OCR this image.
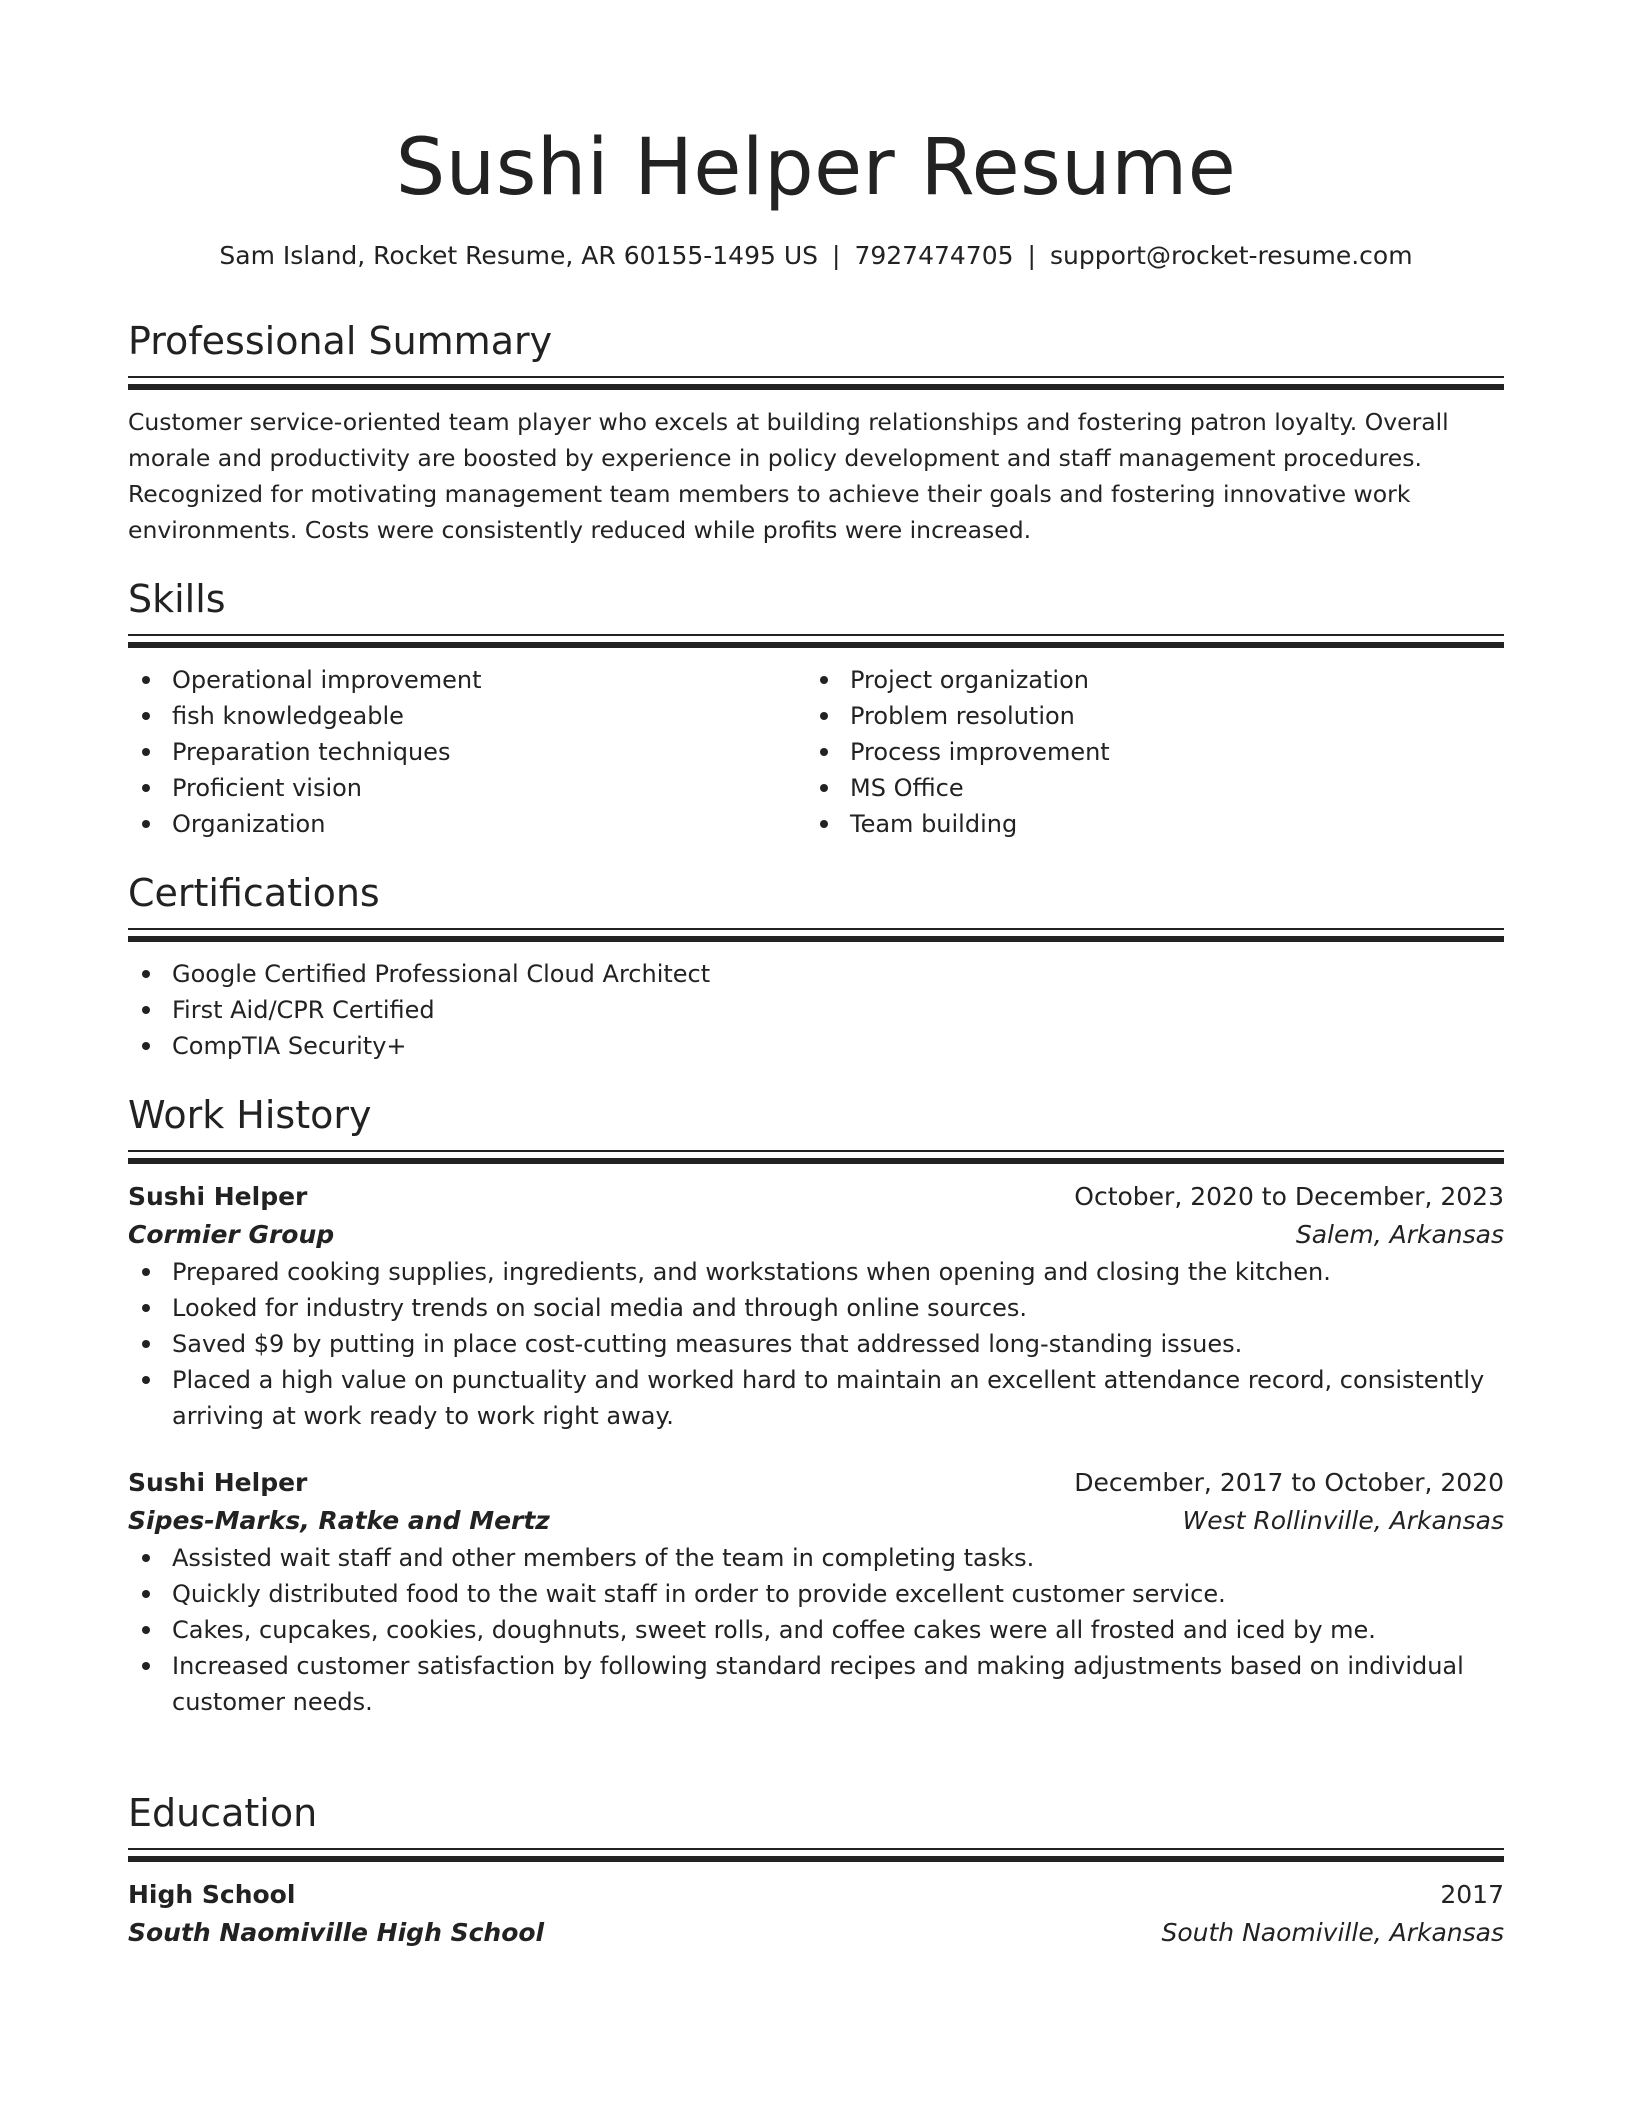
Sushi Helper Resume
Sam Island, Rocket Resume, AR 60155-1495 US | 7927474705 | support@rocket-resume.com
Professional Summary
Customer service-oriented team player who excels at building relationships and fostering patron loyalty. Overall morale and productivity are boosted by experience in policy development and staff management procedures. Recognized for motivating management team members to achieve their goals and fostering innovative work environments. Costs were consistently reduced while profits were increased.
Skills
Operational improvement
fish knowledgeable
Preparation techniques
Proficient vision
Organization
Project organization
Problem resolution
Process improvement
MS Office
Team building
Certifications
Google Certified Professional Cloud Architect
First Aid/CPR Certified
CompTIA Security+
Work History
Sushi Helper	October, 2020 to December, 2023
Cormier Group	Salem, Arkansas
Prepared cooking supplies, ingredients, and workstations when opening and closing the kitchen.
Looked for industry trends on social media and through online sources.
Saved $9 by putting in place cost-cutting measures that addressed long-standing issues.
Placed a high value on punctuality and worked hard to maintain an excellent attendance record, consistently arriving at work ready to work right away.
Sushi Helper	December, 2017 to October, 2020
Sipes-Marks, Ratke and Mertz	West Rollinville, Arkansas
Assisted wait staff and other members of the team in completing tasks.
Quickly distributed food to the wait staff in order to provide excellent customer service.
Cakes, cupcakes, cookies, doughnuts, sweet rolls, and coffee cakes were all frosted and iced by me.
Increased customer satisfaction by following standard recipes and making adjustments based on individual customer needs.
Education
High School	2017
South Naomiville High School	South Naomiville, Arkansas
